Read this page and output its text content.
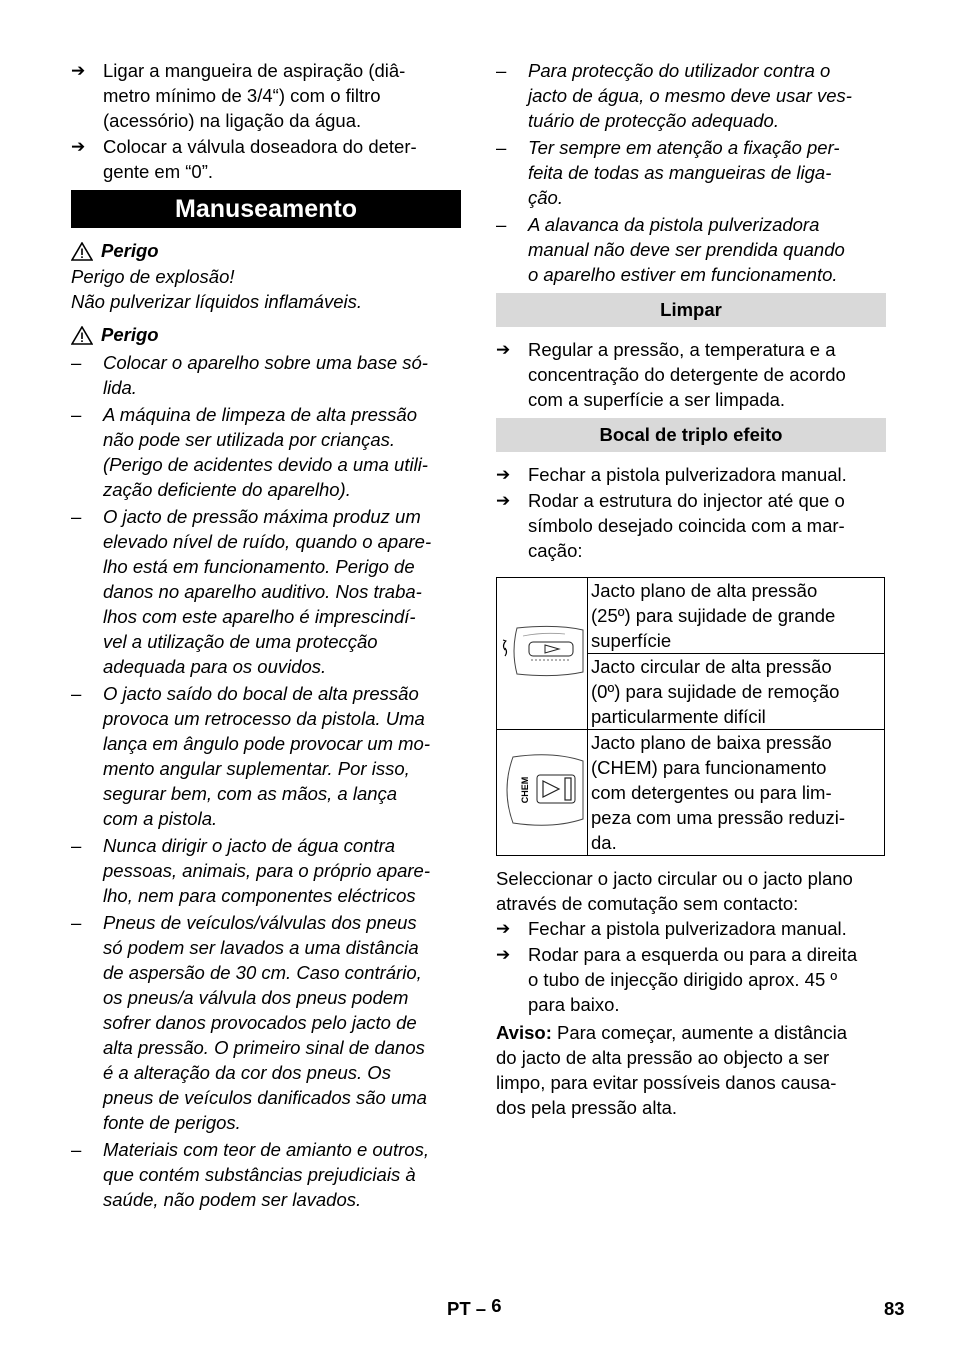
➔ Ligar a mangueira de aspiração (diâ-
metro mínimo de 3/4“) com o filtro
(acessório) na ligação da água.
➔ Colocar a válvula doseadora do deter-
gente em “0”.
Manuseamento
Perigo
Perigo de explosão!
Não pulverizar líquidos inflamáveis.
Perigo
– Colocar o aparelho sobre uma base só-
lida.
– A máquina de limpeza de alta pressão
não pode ser utilizada por crianças.
(Perigo de acidentes devido a uma utili-
zação deficiente do aparelho).
– O jacto de pressão máxima produz um
elevado nível de ruído, quando o apare-
lho está em funcionamento. Perigo de
danos no aparelho auditivo. Nos traba-
lhos com este aparelho é imprescindí-
vel a utilização de uma protecção
adequada para os ouvidos.
– O jacto saído do bocal de alta pressão
provoca um retrocesso da pistola. Uma
lança em ângulo pode provocar um mo-
mento angular suplementar. Por isso,
segurar bem, com as mãos, a lança
com a pistola.
– Nunca dirigir o jacto de água contra
pessoas, animais, para o próprio apare-
lho, nem para componentes eléctricos
– Pneus de veículos/válvulas dos pneus
só podem ser lavados a uma distância
de aspersão de 30 cm. Caso contrário,
os pneus/a válvula dos pneus podem
sofrer danos provocados pelo jacto de
alta pressão. O primeiro sinal de danos
é a alteração da cor dos pneus. Os
pneus de veículos danificados são uma
fonte de perigos.
– Materiais com teor de amianto e outros,
que contém substâncias prejudiciais à
saúde, não podem ser lavados.
– Para protecção do utilizador contra o
jacto de água, o mesmo deve usar ves-
tuário de protecção adequado.
– Ter sempre em atenção a fixação per-
feita de todas as mangueiras de liga-
ção.
– A alavanca da pistola pulverizadora
manual não deve ser prendida quando
o aparelho estiver em funcionamento.
Limpar
➔ Regular a pressão, a temperatura e a
concentração do detergente de acordo
com a superfície a ser limpada.
Bocal de triplo efeito
➔ Fechar a pistola pulverizadora manual.
➔ Rodar a estrutura do injector até que o
símbolo desejado coincida com a mar-
cação:
	Jacto plano de alta pressão
(25º) para sujidade de grande
superfície
	Jacto circular de alta pressão
(0º) para sujidade de remoção
particularmente difícil

CHEM	Jacto plano de baixa pressão
(CHEM) para funcionamento
com detergentes ou para lim-
peza com uma pressão reduzi-
da.
Seleccionar o jacto circular ou o jacto plano
através de comutação sem contacto:
➔ Fechar a pistola pulverizadora manual.
➔ Rodar para a esquerda ou para a direita
o tubo de injecção dirigido aprox. 45 º
para baixo.
Aviso: Para começar, aumente a distância
do jacto de alta pressão ao objecto a ser
limpo, para evitar possíveis danos causa-
dos pela pressão alta.
PT – 6	83
